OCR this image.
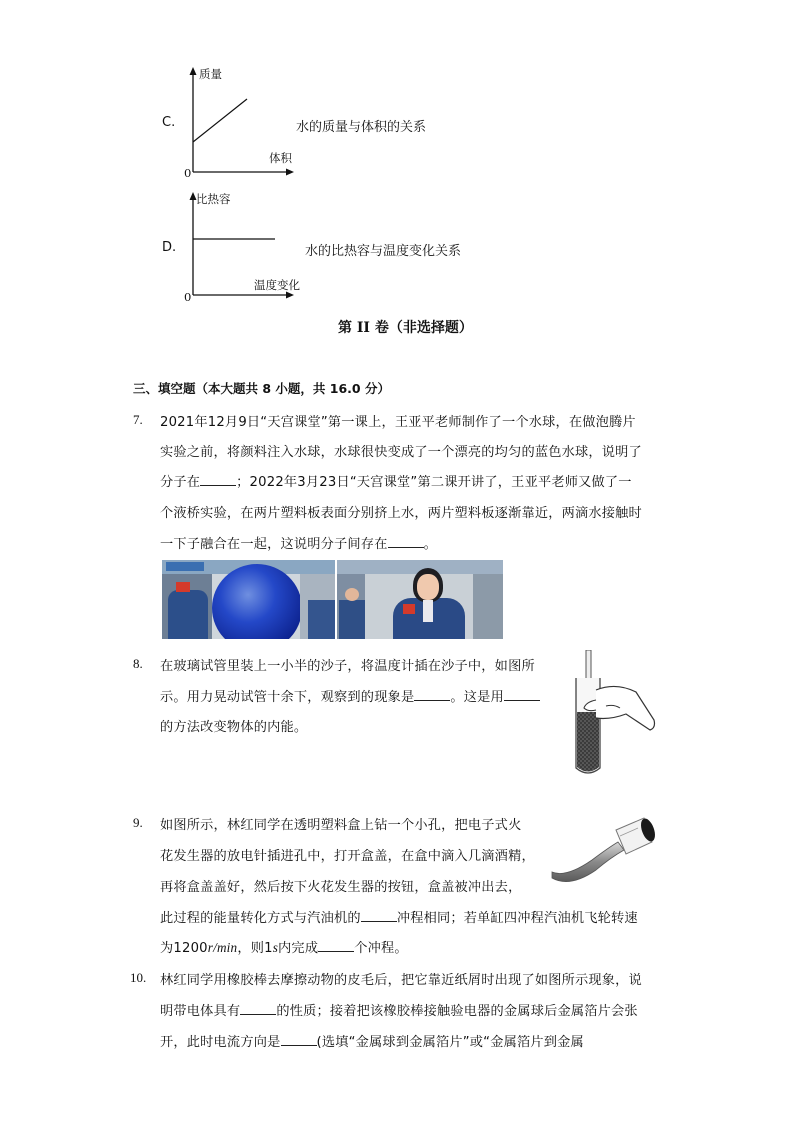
C.
质量
体积
0
水的质量与体积的关系
D.
比热容
温度变化
0
水的比热容与温度变化关系
第 II 卷（非选择题）
三、填空题（本大题共 8 小题，共 16.0 分）
7. 2021年12月9日“天宫课堂”第一课上，王亚平老师制作了一个水球，在做泡腾片
实验之前，将颜料注入水球，水球很快变成了一个漂亮的均匀的蓝色水球，说明了
分子在	；2022年3月23日“天宫课堂”第二课开讲了，王亚平老师又做了一
个液桥实验，在两片塑料板表面分别挤上水，两片塑料板逐渐靠近，两滴水接触时
一下子融合在一起，这说明分子间存在	。
8. 在玻璃试管里装上一小半的沙子，将温度计插在沙子中，如图所
示。用力晃动试管十余下，观察到的现象是	。这是用
的方法改变物体的内能。
9. 如图所示，林红同学在透明塑料盒上钻一个小孔，把电子式火
花发生器的放电针插进孔中，打开盒盖，在盒中滴入几滴酒精，
再将盒盖盖好，然后按下火花发生器的按钮，盒盖被冲出去，
此过程的能量转化方式与汽油机的	冲程相同；若单缸四冲程汽油机飞轮转速
为1200r/min，则1s内完成	个冲程。
10. 林红同学用橡胶棒去摩擦动物的皮毛后，把它靠近纸屑时出现了如图所示现象，说
明带电体具有	的性质；接着把该橡胶棒接触验电器的金属球后金属箔片会张
开，此时电流方向是	(选填“金属球到金属箔片”或“金属箔片到金属
